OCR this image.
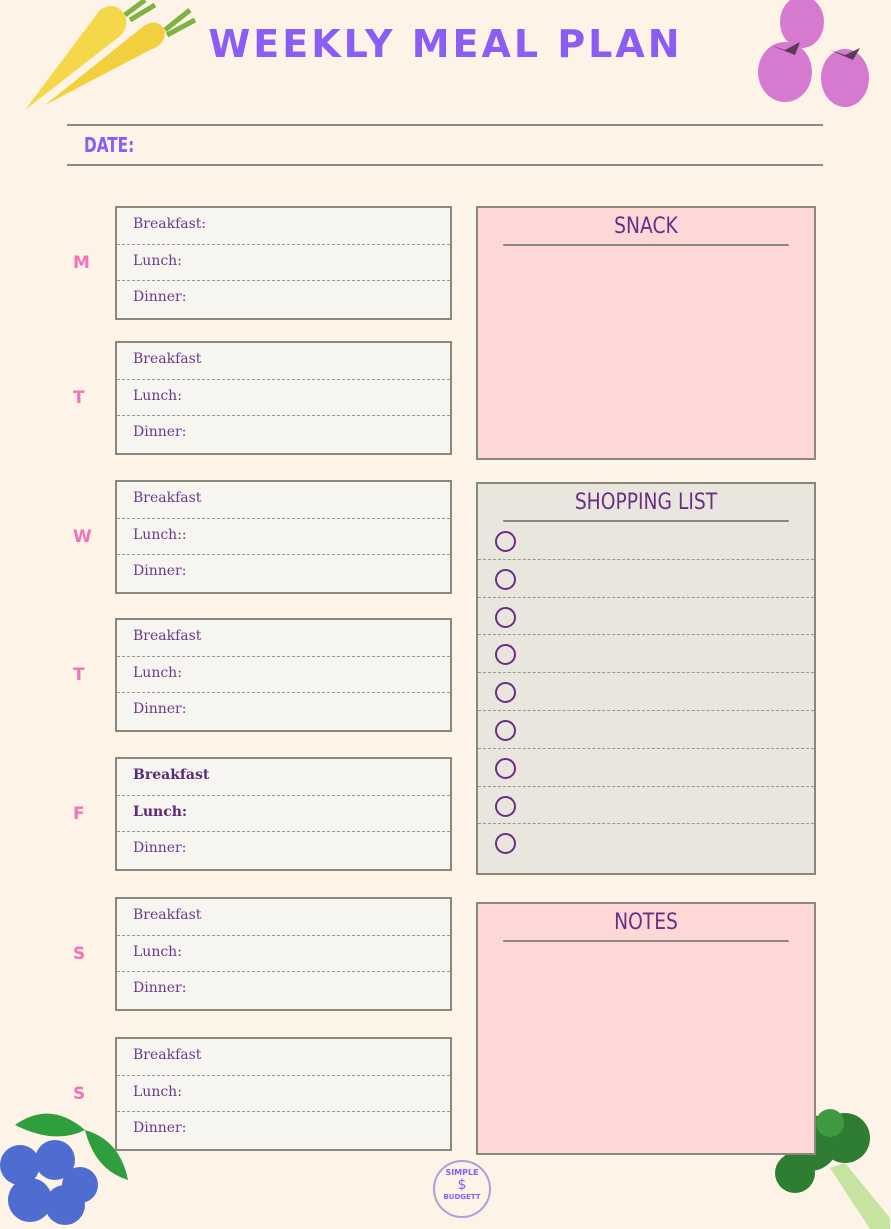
WEEKLY MEAL PLAN
DATE:
M
Breakfast:
Lunch:
Dinner:
T
Breakfast
Lunch:
Dinner:
W
Breakfast
Lunch::
Dinner:
T
Breakfast
Lunch:
Dinner:
F
Breakfast
Lunch:
Dinner:
S
Breakfast
Lunch:
Dinner:
S
Breakfast
Lunch:
Dinner:
SNACK
SHOPPING LIST
NOTES
SIMPLE
$
BUDGETT
